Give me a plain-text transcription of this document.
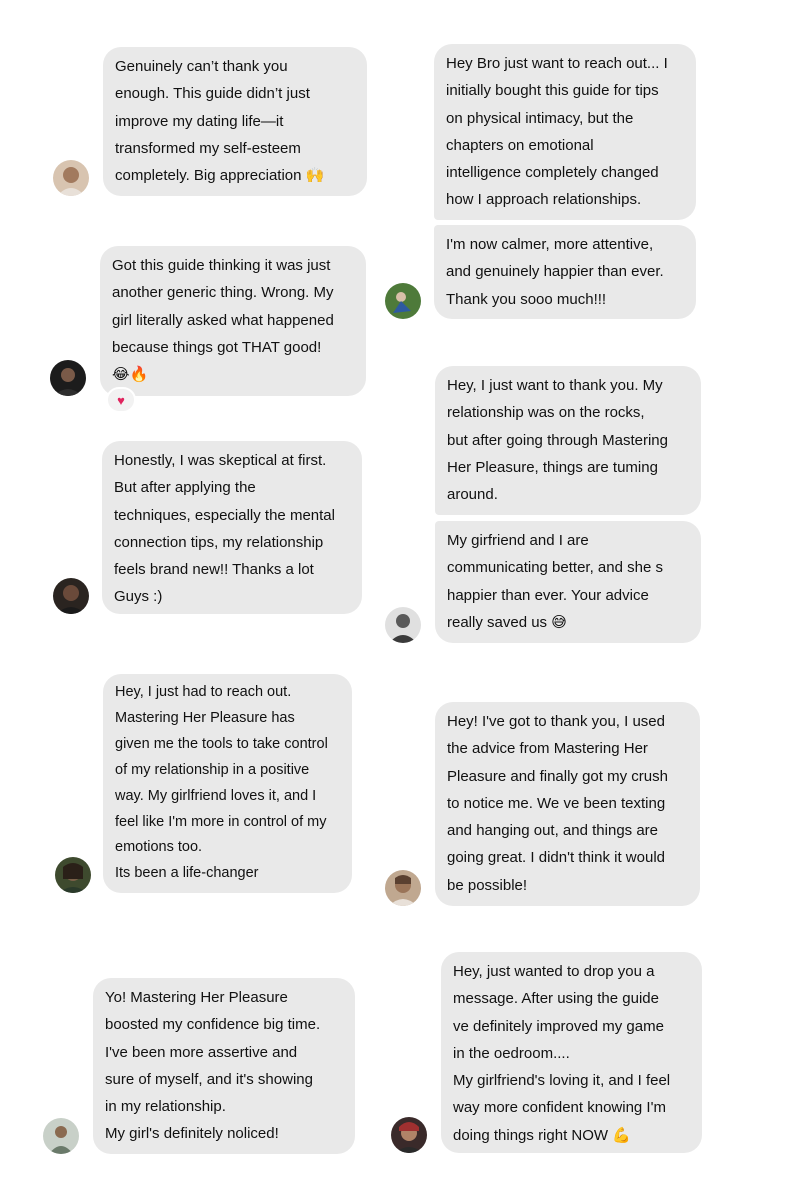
Genuinely can’t thank you
enough. This guide didn’t just
improve my dating life—it
transformed my self-esteem
completely. Big appreciation 🙌
Got this guide thinking it was just
another generic thing. Wrong. My
girl literally asked what happened
because things got THAT good!
😂🔥
♥
Honestly, I was skeptical at first.
But after applying the
techniques, especially the mental
connection tips, my relationship
feels brand new!! Thanks a lot
Guys :)
Hey, I just had to reach out.
Mastering Her Pleasure has
given me the tools to take control
of my relationship in a positive
way. My girlfriend loves it, and I
feel like I'm more in control of my
emotions too.
Its been a life-changer
Yo! Mastering Her Pleasure
boosted my confidence big time.
I've been more assertive and
sure of myself, and it's showing
in my relationship.
My girl's definitely noliced!
Hey Bro just want to reach out... I
initially bought this guide for tips
on physical intimacy, but the
chapters on emotional
intelligence completely changed
how I approach relationships.
I'm now calmer, more attentive,
and genuinely happier than ever.
Thank you sooo much!!!
Hey, I just want to thank you. My
relationship was on the rocks,
but after going through Mastering
Her Pleasure, things are tuming
around.
My girfriend and I are
communicating better, and she s
happier than ever. Your advice
really saved us 😅
Hey! I've got to thank you, I used
the advice from Mastering Her
Pleasure and finally got my crush
to notice me. We ve been texting
and hanging out, and things are
going great. I didn't think it would
be possible!
Hey, just wanted to drop you a
message. After using the guide
ve definitely improved my game
in the oedroom....
My girlfriend's loving it, and I feel
way more confident knowing I'm
doing things right NOW 💪
